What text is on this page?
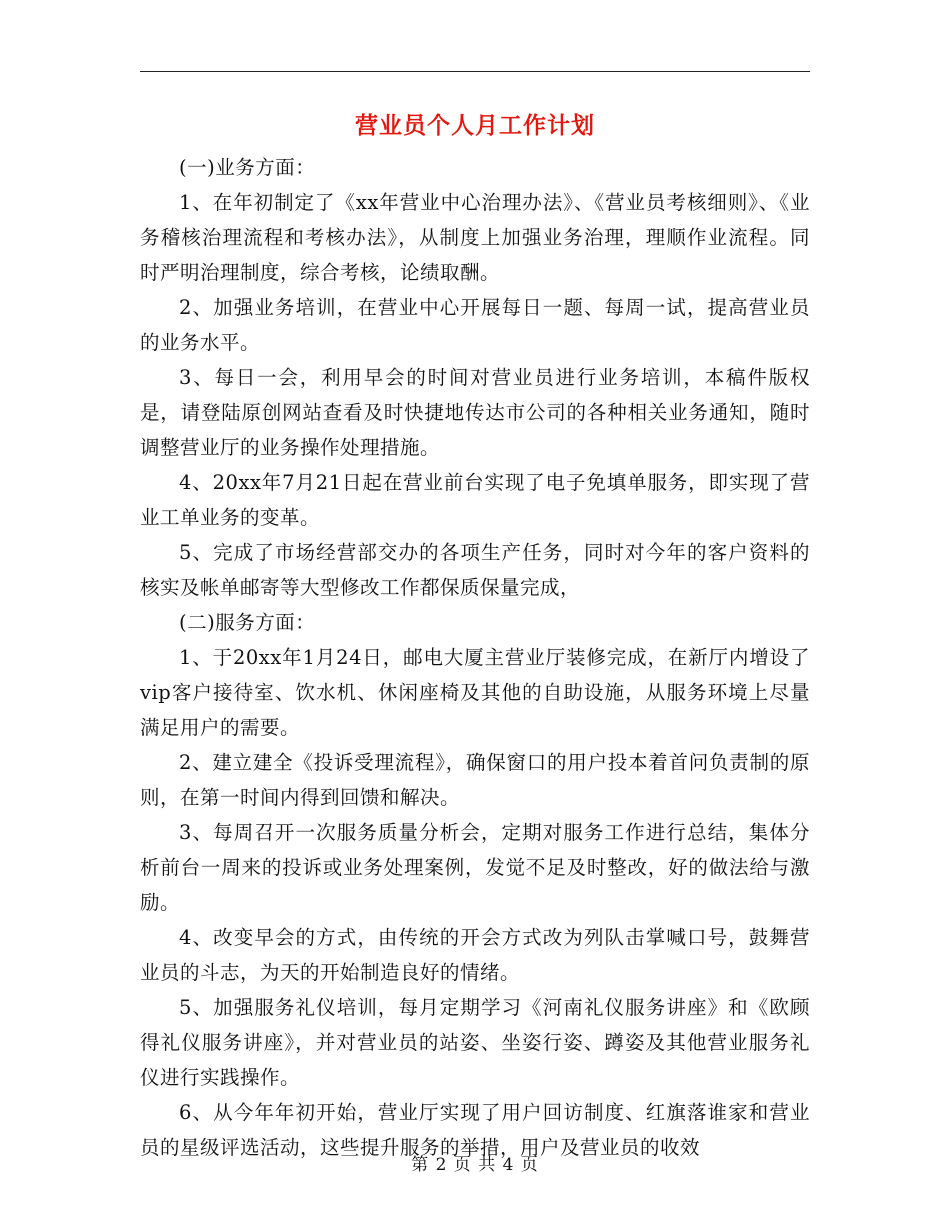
营业员个人月工作计划

(一)业务方面：

1、在年初制定了《xx年营业中心治理办法》、《营业员考核细则》、《业务稽核治理流程和考核办法》，从制度上加强业务治理，理顺作业流程。同时严明治理制度，综合考核，论绩取酬。

2、加强业务培训，在营业中心开展每日一题、每周一试，提高营业员的业务水平。

3、每日一会，利用早会的时间对营业员进行业务培训，本稿件版权是，请登陆原创网站查看及时快捷地传达市公司的各种相关业务通知，随时调整营业厅的业务操作处理措施。

4、20xx年7月21日起在营业前台实现了电子免填单服务，即实现了营业工单业务的变革。

5、完成了市场经营部交办的各项生产任务，同时对今年的客户资料的核实及帐单邮寄等大型修改工作都保质保量完成，

(二)服务方面：

1、于20xx年1月24日，邮电大厦主营业厅装修完成，在新厅内增设了vip客户接待室、饮水机、休闲座椅及其他的自助设施，从服务环境上尽量满足用户的需要。

2、建立建全《投诉受理流程》，确保窗口的用户投本着首问负责制的原则，在第一时间内得到回馈和解决。

3、每周召开一次服务质量分析会，定期对服务工作进行总结，集体分析前台一周来的投诉或业务处理案例，发觉不足及时整改，好的做法给与激励。

4、改变早会的方式，由传统的开会方式改为列队击掌喊口号，鼓舞营业员的斗志，为天的开始制造良好的情绪。

5、加强服务礼仪培训，每月定期学习《河南礼仪服务讲座》和《欧顾得礼仪服务讲座》，并对营业员的站姿、坐姿行姿、蹲姿及其他营业服务礼仪进行实践操作。

6、从今年年初开始，营业厅实现了用户回访制度、红旗落谁家和营业员的星级评选活动，这些提升服务的举措，用户及营业员的收效

第 2 页 共 4 页
